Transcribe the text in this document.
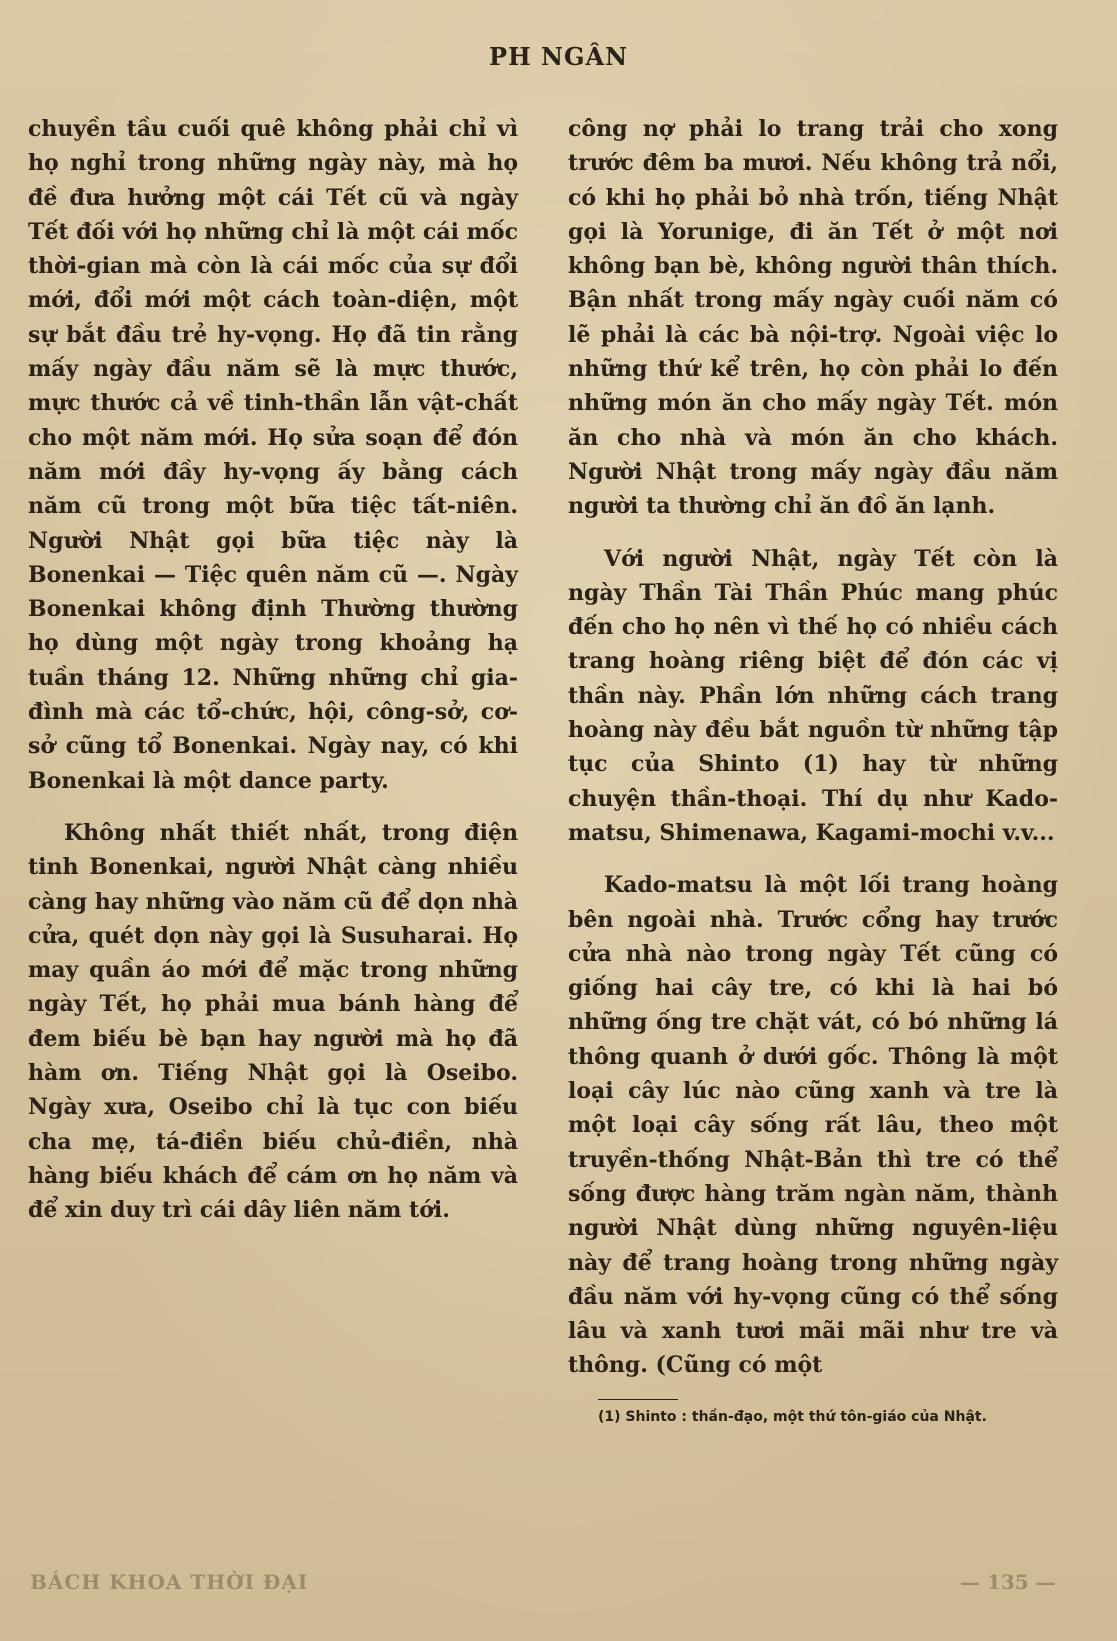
PH NGÂN

chuyền tầu cuối quê không phải chỉ vì họ nghỉ trong những ngày này, mà họ đề đưa hưởng một cái Tết cũ và ngày Tết đối với họ những chỉ là một cái mốc thời-gian mà còn là cái mốc của sự đổi mới, đổi mới một cách toàn-diện, một sự bắt đầu trẻ hy-vọng. Họ đã tin rằng mấy ngày đầu năm sẽ là mực thước, mực thước cả về tinh-thần lẫn vật-chất cho một năm mới. Họ sửa soạn để đón năm mới đầy hy-vọng ấy bằng cách năm cũ trong một bữa tiệc tất-niên. Người Nhật gọi bữa tiệc này là Bonenkai — Tiệc quên năm cũ —. Ngày Bonenkai không định Thường thường họ dùng một ngày trong khoảng hạ tuần tháng 12. Những những chỉ gia-đình mà các tổ-chức, hội, công-sở, cơ-sở cũng tổ Bonenkai. Ngày nay, có khi Bonenkai là một dance party.

Không nhất thiết nhất, trong điện tinh Bonenkai, người Nhật càng nhiều càng hay những vào năm cũ để dọn nhà cửa, quét dọn này gọi là Susuharai. Họ may quần áo mới để mặc trong những ngày Tết, họ phải mua bánh hàng để đem biếu bè bạn hay người mà họ đã hàm ơn. Tiếng Nhật gọi là Oseibo. Ngày xưa, Oseibo chỉ là tục con biếu cha mẹ, tá-điền biếu chủ-điền, nhà hàng biếu khách để cám ơn họ năm và để xin duy trì cái dây liên năm tới.

công nợ phải lo trang trải cho xong trước đêm ba mươi. Nếu không trả nổi, có khi họ phải bỏ nhà trốn, tiếng Nhật gọi là Yorunige, đi ăn Tết ở một nơi không bạn bè, không người thân thích. Bận nhất trong mấy ngày cuối năm có lẽ phải là các bà nội-trợ. Ngoài việc lo những thứ kể trên, họ còn phải lo đến những món ăn cho mấy ngày Tết. món ăn cho nhà và món ăn cho khách. Người Nhật trong mấy ngày đầu năm người ta thường chỉ ăn đồ ăn lạnh.

Với người Nhật, ngày Tết còn là ngày Thần Tài Thần Phúc mang phúc đến cho họ nên vì thế họ có nhiều cách trang hoàng riêng biệt để đón các vị thần này. Phần lớn những cách trang hoàng này đều bắt nguồn từ những tập tục của Shinto (1) hay từ những chuyện thần-thoại. Thí dụ như Kado-matsu, Shimenawa, Kagami-mochi v.v...

Kado-matsu là một lối trang hoàng bên ngoài nhà. Trước cổng hay trước cửa nhà nào trong ngày Tết cũng có giống hai cây tre, có khi là hai bó những ống tre chặt vát, có bó những lá thông quanh ở dưới gốc. Thông là một loại cây lúc nào cũng xanh và tre là một loại cây sống rất lâu, theo một truyền-thống Nhật-Bản thì tre có thể sống được hàng trăm ngàn năm, thành người Nhật dùng những nguyên-liệu này để trang hoàng trong những ngày đầu năm với hy-vọng cũng có thể sống lâu và xanh tươi mãi mãi như tre và thông. (Cũng có một

(1) Shinto : thần-đạo, một thứ tôn-giáo của Nhật.
BÁCH KHOA THỜI ĐẠI	— 135 —
